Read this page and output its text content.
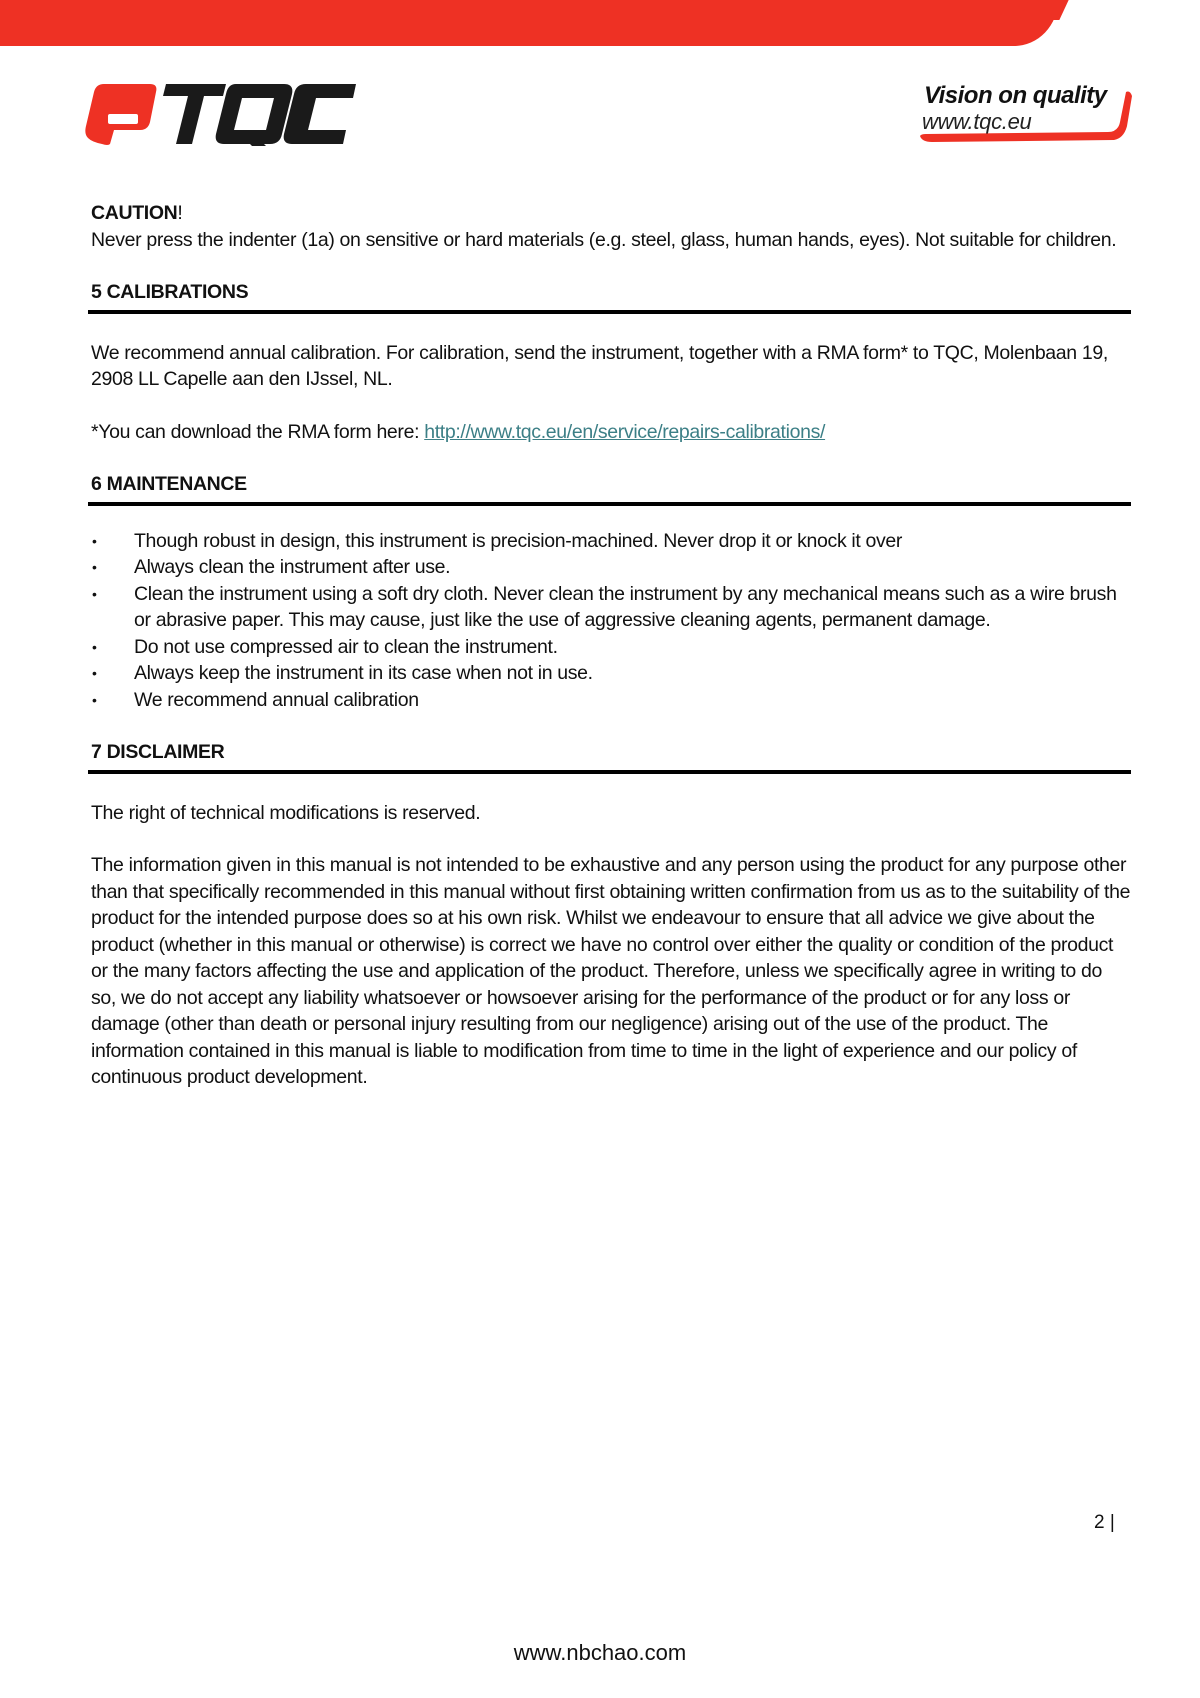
Vision on quality
www.tqc.eu

CAUTION!

Never press the indenter (1a) on sensitive or hard materials (e.g. steel, glass, human hands, eyes). Not suitable for children.

5 CALIBRATIONS

We recommend annual calibration. For calibration, send the instrument, together with a RMA form* to TQC, Molenbaan 19, 2908 LL Capelle aan den IJssel, NL.

*You can download the RMA form here: http://www.tqc.eu/en/service/repairs-calibrations/

6 MAINTENANCE
• Though robust in design, this instrument is precision-machined. Never drop it or knock it over
• Always clean the instrument after use.
• Clean the instrument using a soft dry cloth. Never clean the instrument by any mechanical means such as a wire brush or abrasive paper. This may cause, just like the use of aggressive cleaning agents, permanent damage.
• Do not use compressed air to clean the instrument.
• Always keep the instrument in its case when not in use.
• We recommend annual calibration
7 DISCLAIMER

The right of technical modifications is reserved.

The information given in this manual is not intended to be exhaustive and any person using the product for any purpose other than that specifically recommended in this manual without first obtaining written confirmation from us as to the suitability of the product for the intended purpose does so at his own risk. Whilst we endeavour to ensure that all advice we give about the product (whether in this manual or otherwise) is correct we have no control over either the quality or condition of the product or the many factors affecting the use and application of the product. Therefore, unless we specifically agree in writing to do so, we do not accept any liability whatsoever or howsoever arising for the performance of the product or for any loss or damage (other than death or personal injury resulting from our negligence) arising out of the use of the product. The information contained in this manual is liable to modification from time to time in the light of experience and our policy of continuous product development.

2 |
www.nbchao.com
